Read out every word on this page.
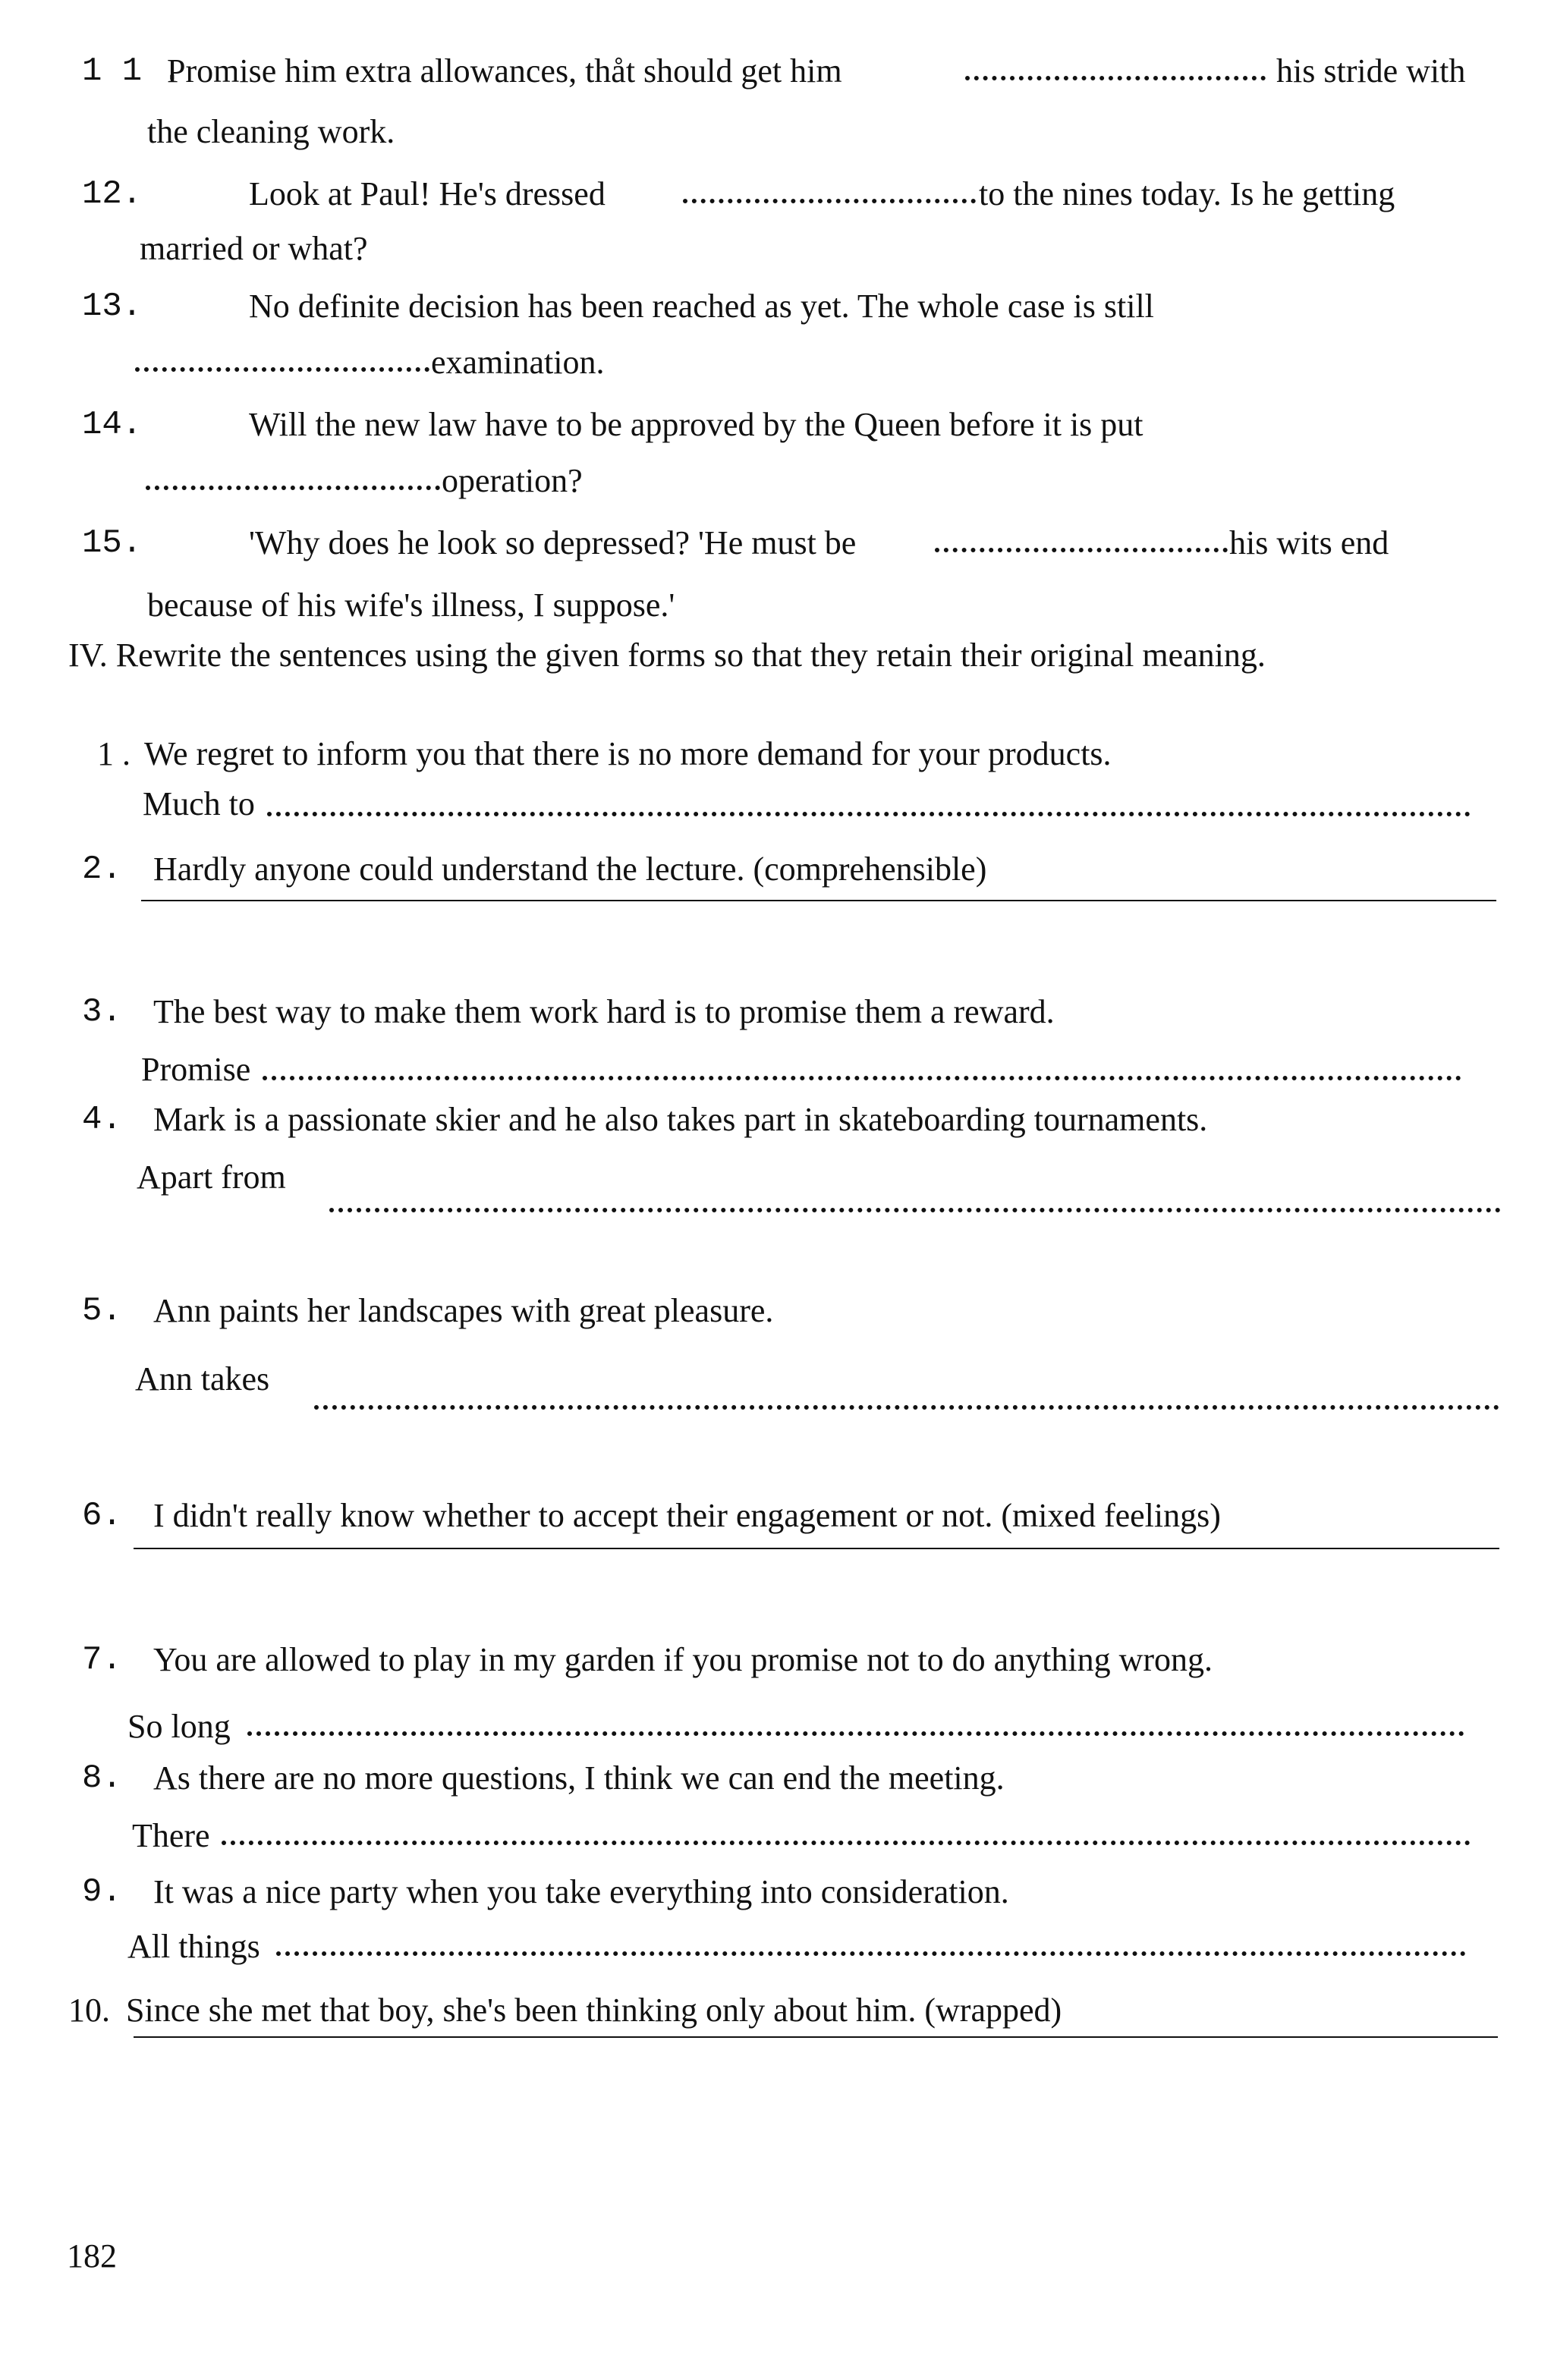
1 1 .
Promise him extra allowances, thåt should get him	his stride with
the cleaning work.
12.	Look at Paul! He's dressed	to the nines today. Is he getting
married or what?
13.	No definite decision has been reached as yet. The whole case is still
examination.
14.	Will the new law have to be approved by the Queen before it is put
operation?
15.	'Why does he look so depressed? 'He must be	his wits end
because of his wife's illness, I suppose.'
IV. Rewrite the sentences using the given forms so that they retain their original meaning.
1 . We regret to inform you that there is no more demand for your products.
Much to
2. Hardly anyone could understand the lecture. (comprehensible)
3. The best way to make them work hard is to promise them a reward.
Promise
4. Mark is a passionate skier and he also takes part in skateboarding tournaments.
Apart from
5. Ann paints her landscapes with great pleasure.
Ann takes
6. I didn't really know whether to accept their engagement or not. (mixed feelings)
7. You are allowed to play in my garden if you promise not to do anything wrong.
So long
8. As there are no more questions, I think we can end the meeting.
There
9. It was a nice party when you take everything into consideration.
All things
10. Since she met that boy, she's been thinking only about him. (wrapped)
182
